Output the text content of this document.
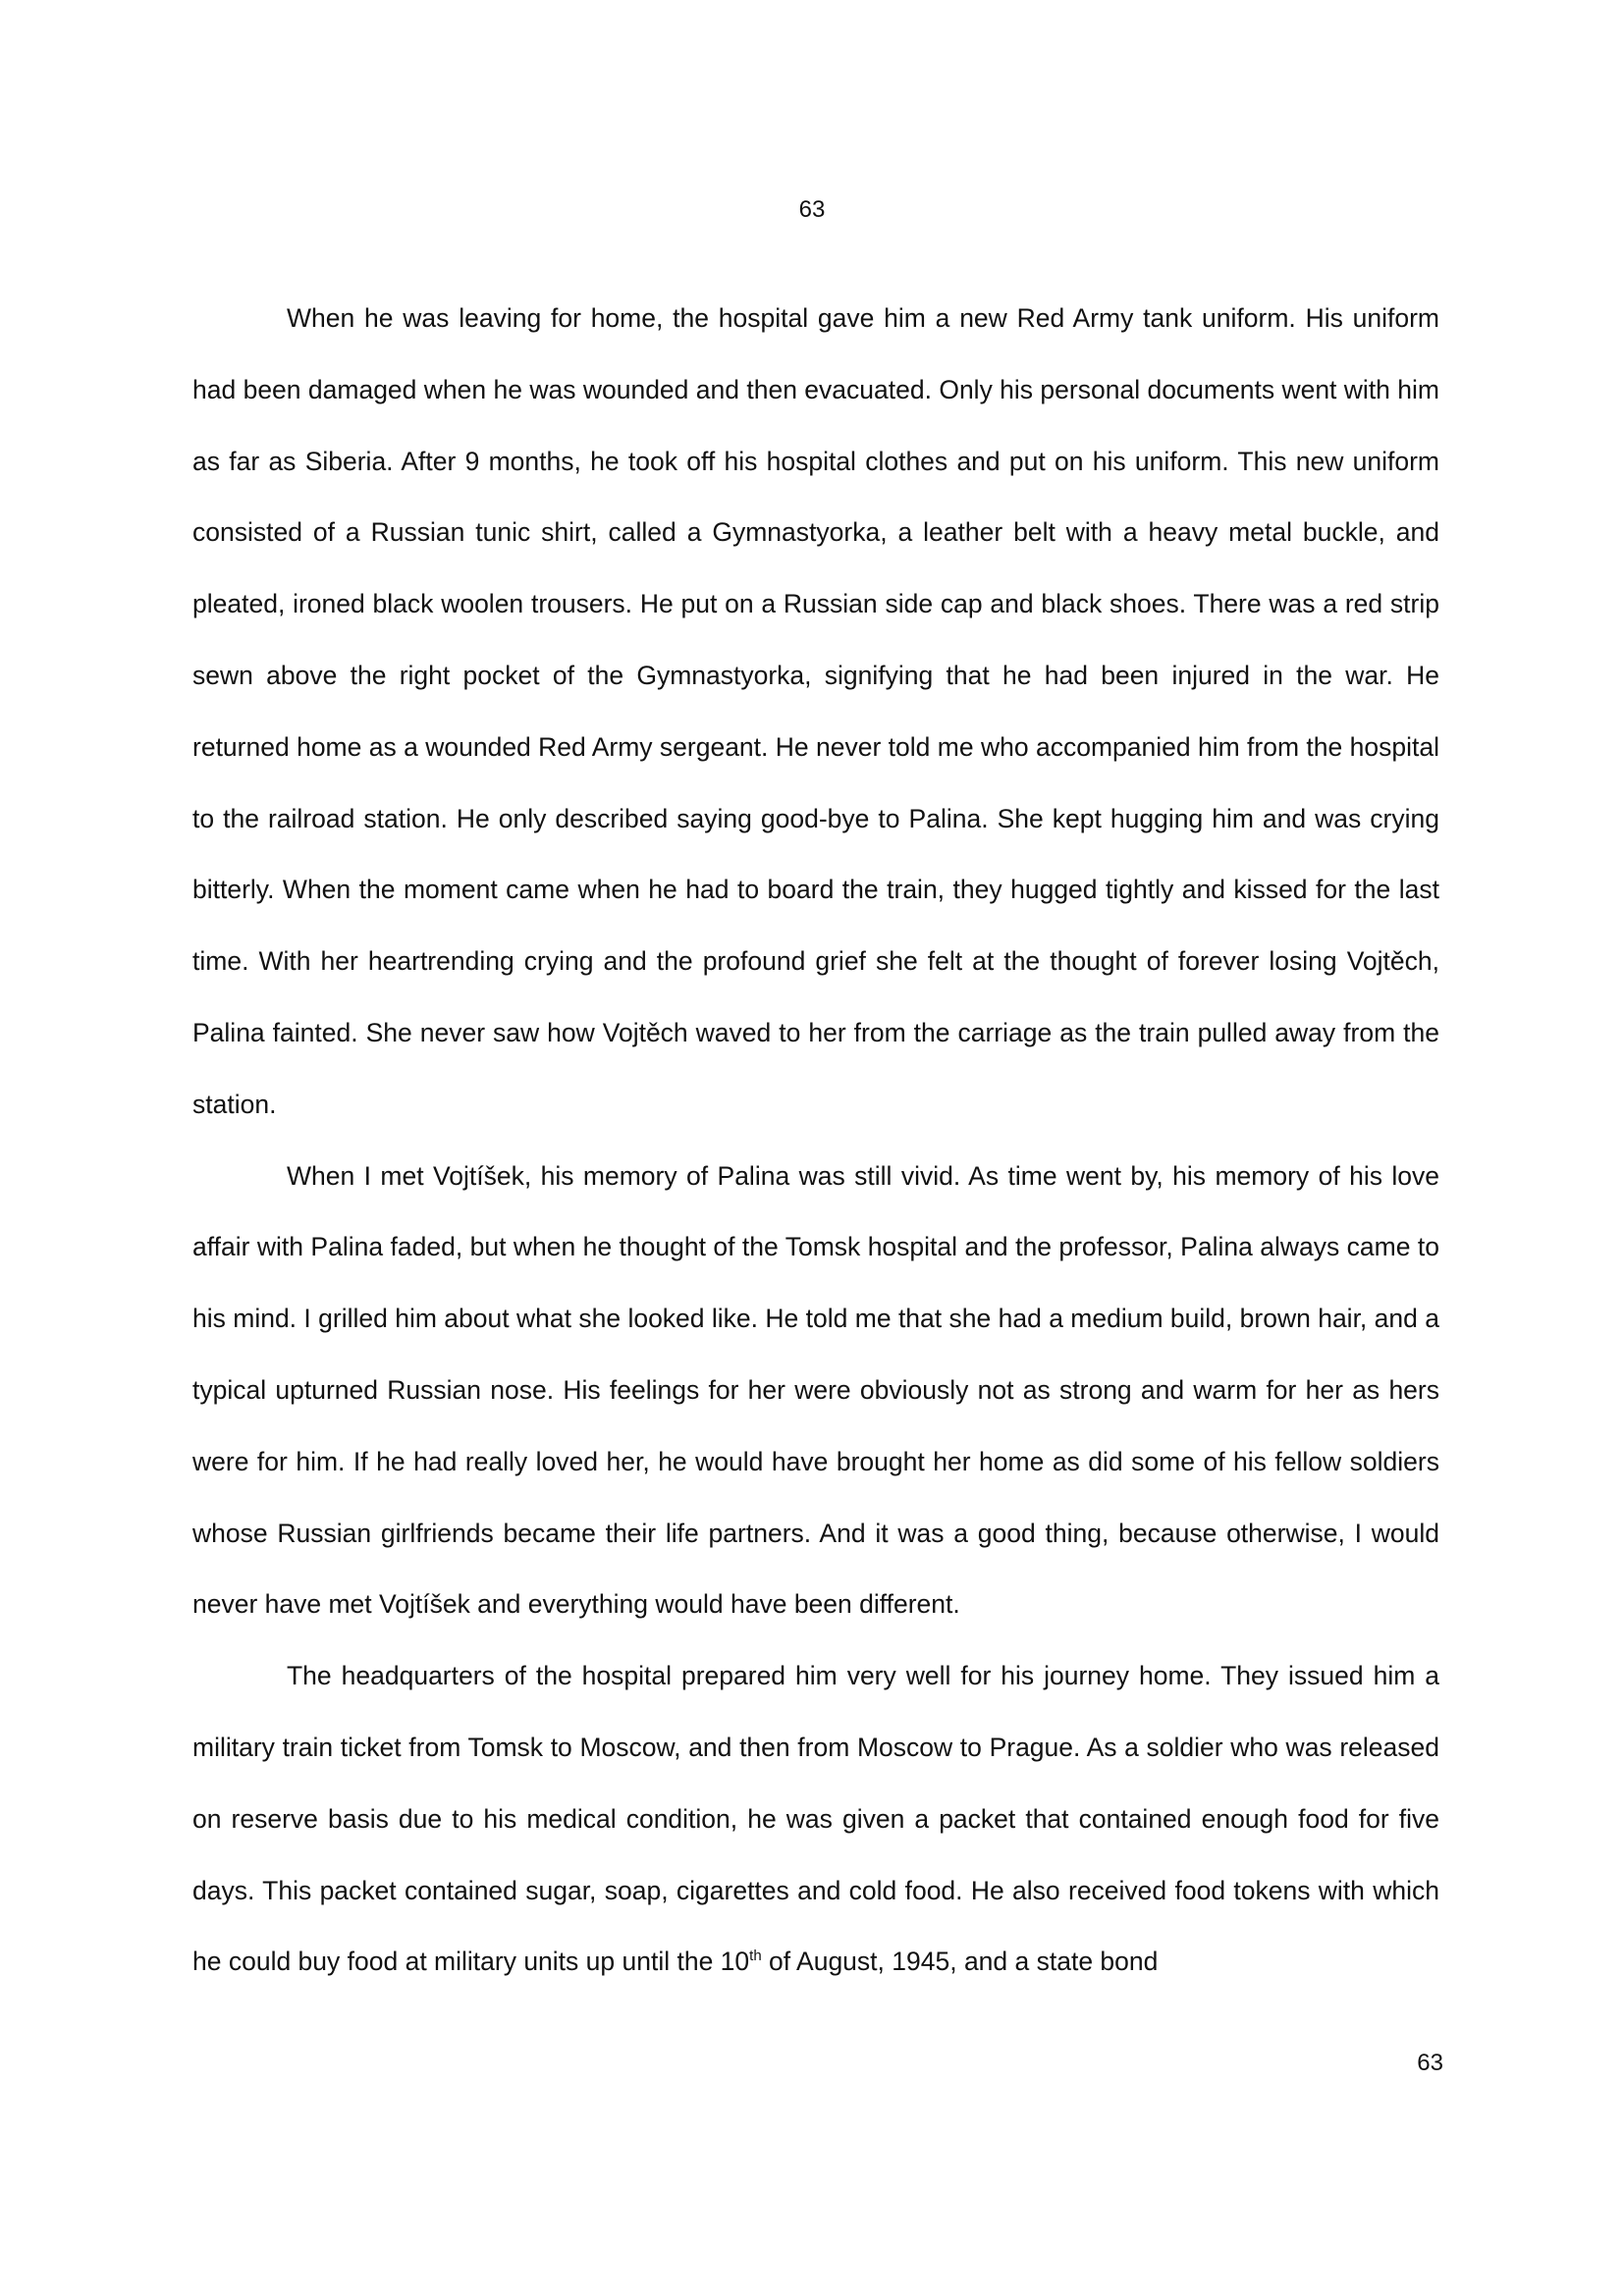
63

When he was leaving for home, the hospital gave him a new Red Army tank uniform. His uniform had been damaged when he was wounded and then evacuated. Only his personal documents went with him as far as Siberia. After 9 months, he took off his hospital clothes and put on his uniform. This new uniform consisted of a Russian tunic shirt, called a Gymnastyorka, a leather belt with a heavy metal buckle, and pleated, ironed black woolen trousers. He put on a Russian side cap and black shoes. There was a red strip sewn above the right pocket of the Gymnastyorka, signifying that he had been injured in the war. He returned home as a wounded Red Army sergeant. He never told me who accompanied him from the hospital to the railroad station. He only described saying good-bye to Palina. She kept hugging him and was crying bitterly. When the moment came when he had to board the train, they hugged tightly and kissed for the last time. With her heartrending crying and the profound grief she felt at the thought of forever losing Vojtěch, Palina fainted. She never saw how Vojtěch waved to her from the carriage as the train pulled away from the station.

When I met Vojtíšek, his memory of Palina was still vivid. As time went by, his memory of his love affair with Palina faded, but when he thought of the Tomsk hospital and the professor, Palina always came to his mind. I grilled him about what she looked like. He told me that she had a medium build, brown hair, and a typical upturned Russian nose. His feelings for her were obviously not as strong and warm for her as hers were for him. If he had really loved her, he would have brought her home as did some of his fellow soldiers whose Russian girlfriends became their life partners. And it was a good thing, because otherwise, I would never have met Vojtíšek and everything would have been different.

The headquarters of the hospital prepared him very well for his journey home. They issued him a military train ticket from Tomsk to Moscow, and then from Moscow to Prague. As a soldier who was released on reserve basis due to his medical condition, he was given a packet that contained enough food for five days. This packet contained sugar, soap, cigarettes and cold food. He also received food tokens with which he could buy food at military units up until the 10th of August, 1945, and a state bond

63
